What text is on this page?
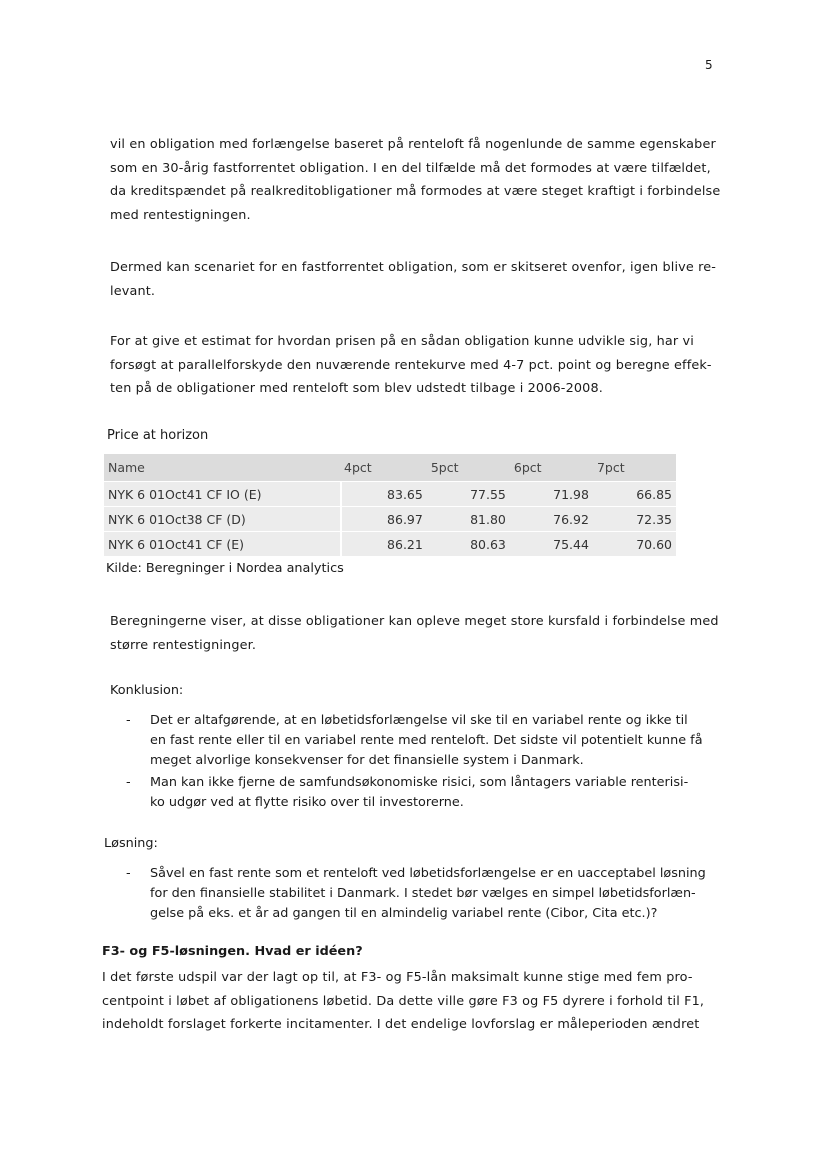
5

vil en obligation med forlængelse baseret på renteloft få nogenlunde de samme egenskaber
som en 30-årig fastforrentet obligation. I en del tilfælde må det formodes at være tilfældet,
da kreditspændet på realkreditobligationer må formodes at være steget kraftigt i forbindelse
med rentestigningen.

Dermed kan scenariet for en fastforrentet obligation, som er skitseret ovenfor, igen blive re-
levant.

For at give et estimat for hvordan prisen på en sådan obligation kunne udvikle sig, har vi
forsøgt at parallelforskyde den nuværende rentekurve med 4-7 pct. point og beregne effek-
ten på de obligationer med renteloft som blev udstedt tilbage i 2006-2008.

Price at horizon
Name	4pct	5pct	6pct	7pct
NYK 6 01Oct41 CF IO (E)	83.65	77.55	71.98	66.85
NYK 6 01Oct38 CF (D)	86.97	81.80	76.92	72.35
NYK 6 01Oct41 CF (E)	86.21	80.63	75.44	70.60
Kilde: Beregninger i Nordea analytics

Beregningerne viser, at disse obligationer kan opleve meget store kursfald i forbindelse med
større rentestigninger.

Konklusion:
- Det er altafgørende, at en løbetidsforlængelse vil ske til en variabel rente og ikke til
en fast rente eller til en variabel rente med renteloft. Det sidste vil potentielt kunne få
meget alvorlige konsekvenser for det finansielle system i Danmark.
- Man kan ikke fjerne de samfundsøkonomiske risici, som låntagers variable renterisi-
ko udgør ved at flytte risiko over til investorerne.
Løsning:
- Såvel en fast rente som et renteloft ved løbetidsforlængelse er en uacceptabel løsning
for den finansielle stabilitet i Danmark. I stedet bør vælges en simpel løbetidsforlæn-
gelse på eks. et år ad gangen til en almindelig variabel rente (Cibor, Cita etc.)?
F3- og F5-løsningen. Hvad er idéen?

I det første udspil var der lagt op til, at F3- og F5-lån maksimalt kunne stige med fem pro-
centpoint i løbet af obligationens løbetid. Da dette ville gøre F3 og F5 dyrere i forhold til F1,
indeholdt forslaget forkerte incitamenter. I det endelige lovforslag er måleperioden ændret
